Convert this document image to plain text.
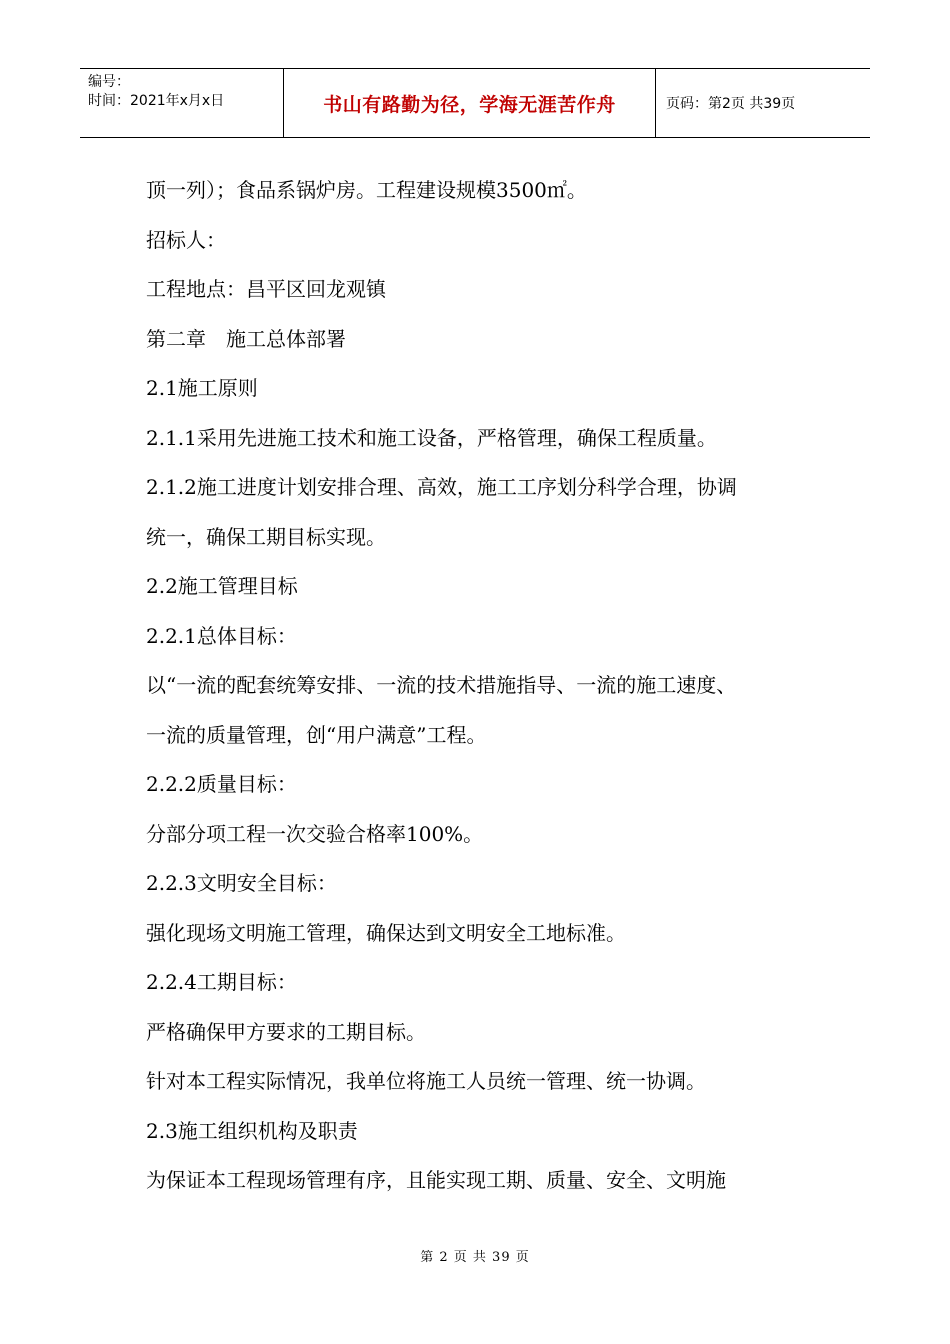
编号：
时间：2021年x月x日	书山有路勤为径，学海无涯苦作舟	页码：第2页 共39页
顶一列）；食品系锅炉房。工程建设规模3500㎡。
招标人：
工程地点：昌平区回龙观镇
第二章　施工总体部署
2.1施工原则
2.1.1采用先进施工技术和施工设备，严格管理，确保工程质量。
2.1.2施工进度计划安排合理、高效，施工工序划分科学合理，协调
统一，确保工期目标实现。
2.2施工管理目标
2.2.1总体目标：
以“一流的配套统筹安排、一流的技术措施指导、一流的施工速度、
一流的质量管理，创“用户满意”工程。
2.2.2质量目标：
分部分项工程一次交验合格率100%。
2.2.3文明安全目标：
强化现场文明施工管理，确保达到文明安全工地标准。
2.2.4工期目标：
严格确保甲方要求的工期目标。
针对本工程实际情况，我单位将施工人员统一管理、统一协调。
2.3施工组织机构及职责
为保证本工程现场管理有序，且能实现工期、质量、安全、文明施
第 2 页 共 39 页
